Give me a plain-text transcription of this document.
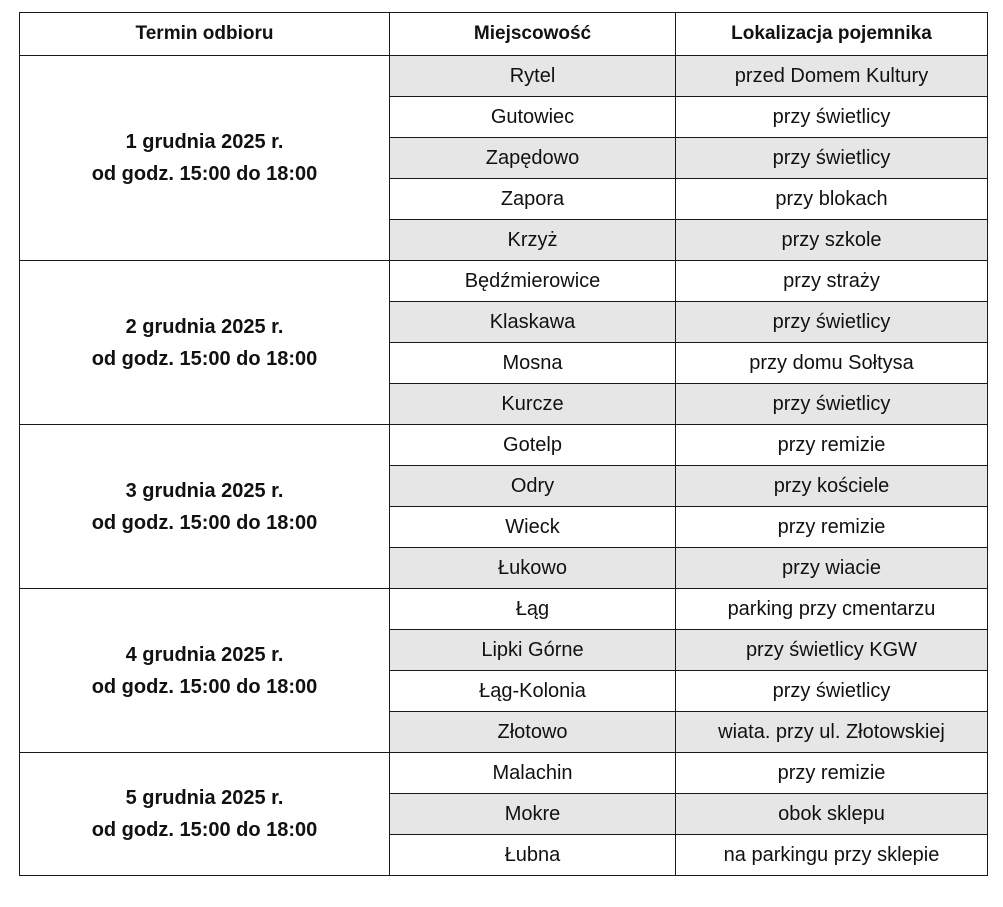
Termin odbioru	Miejscowość	Lokalizacja pojemnika

1 grudnia 2025 r.
od godz. 15:00 do 18:00	Rytel	przed Domem Kultury
	Gutowiec	przy świetlicy
	Zapędowo	przy świetlicy
	Zapora	przy blokach
	Krzyż	przy szkole

2 grudnia 2025 r.
od godz. 15:00 do 18:00	Będźmierowice	przy straży
	Klaskawa	przy świetlicy
	Mosna	przy domu Sołtysa
	Kurcze	przy świetlicy

3 grudnia 2025 r.
od godz. 15:00 do 18:00	Gotelp	przy remizie
	Odry	przy kościele
	Wieck	przy remizie
	Łukowo	przy wiacie

4 grudnia 2025 r.
od godz. 15:00 do 18:00	Łąg	parking przy cmentarzu
	Lipki Górne	przy świetlicy KGW
	Łąg-Kolonia	przy świetlicy
	Złotowo	wiata. przy ul. Złotowskiej

5 grudnia 2025 r.
od godz. 15:00 do 18:00	Malachin	przy remizie
	Mokre	obok sklepu
	Łubna	na parkingu przy sklepie
